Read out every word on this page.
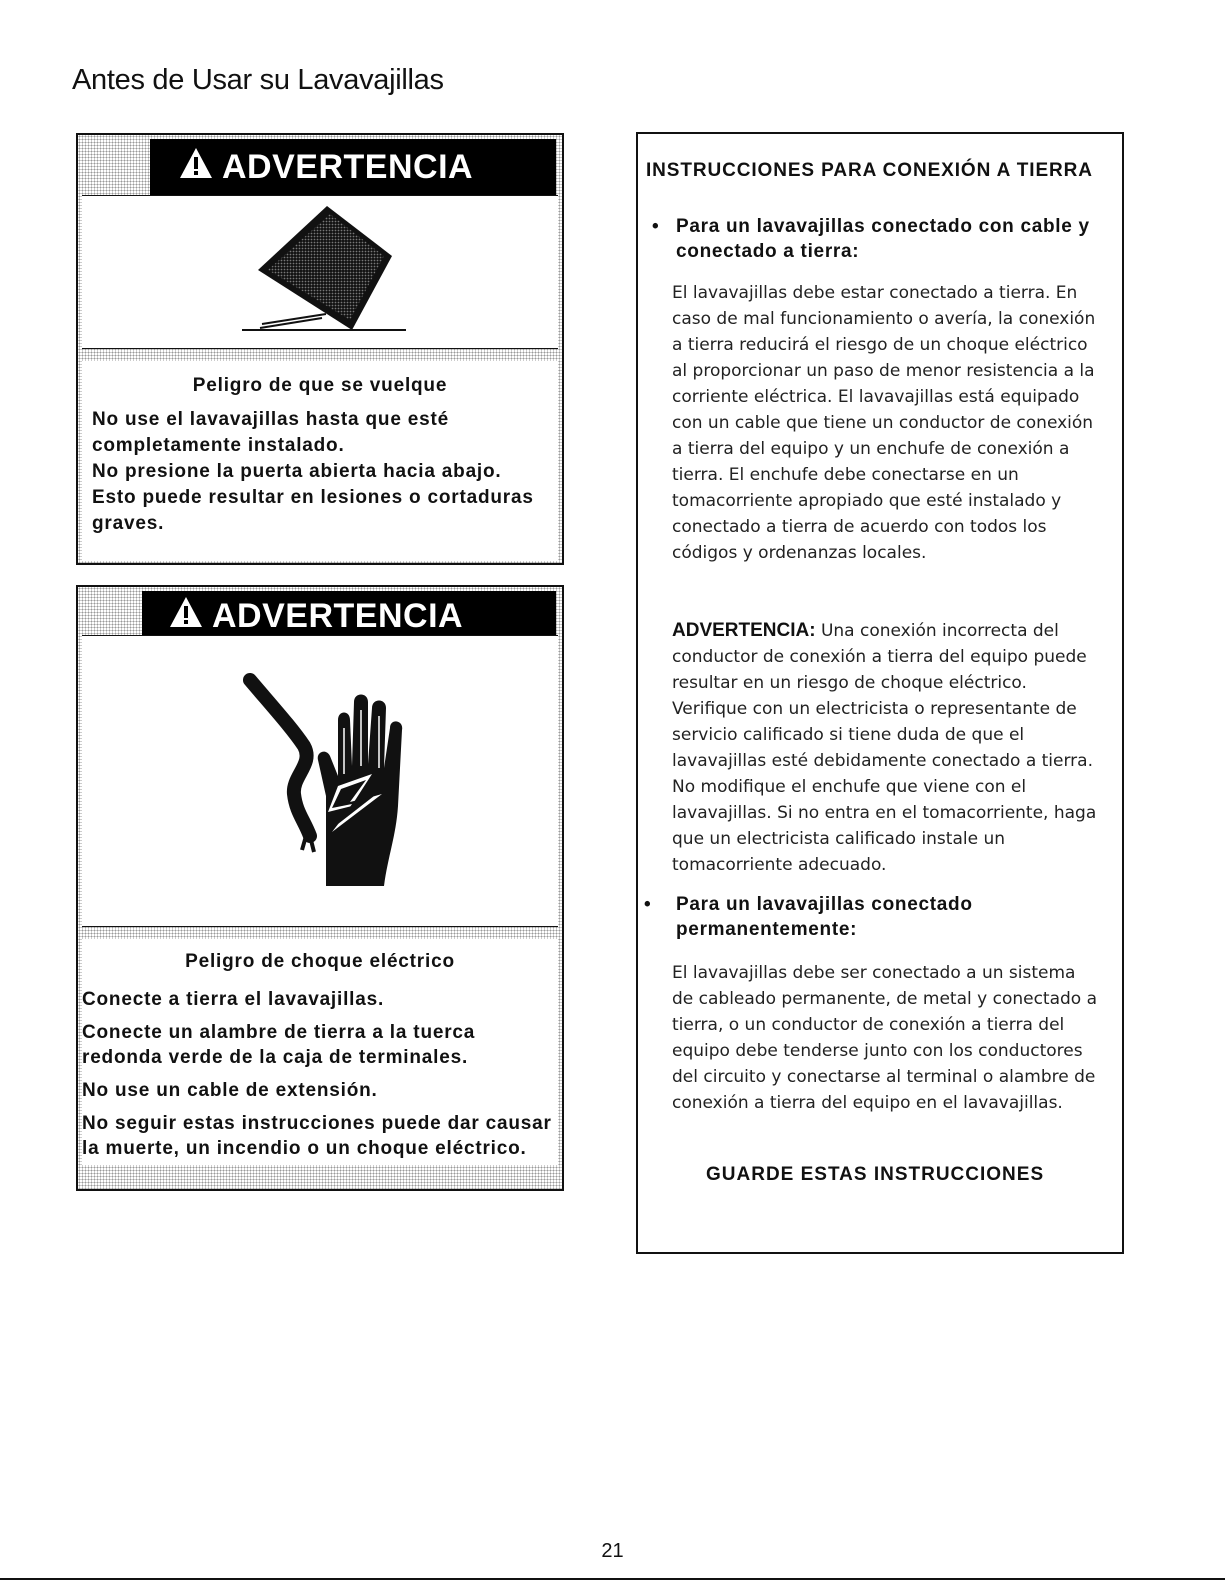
Antes de Usar su Lavavajillas
ADVERTENCIA
Peligro de que se vuelque
No use el lavavajillas hasta que esté completamente instalado.
No presione la puerta abierta hacia abajo.
Esto puede resultar en lesiones o cortaduras graves.
ADVERTENCIA
Peligro de choque eléctrico
Conecte a tierra el lavavajillas.
Conecte un alambre de tierra a la tuerca redonda verde de la caja de terminales.
No use un cable de extensión.
No seguir estas instrucciones puede dar causar la muerte, un incendio o un choque eléctrico.
INSTRUCCIONES PARA CONEXIÓN A TIERRA
• Para un lavavajillas conectado con cable y conectado a tierra:
El lavavajillas debe estar conectado a tierra. En caso de mal funcionamiento o avería, la conexión a tierra reducirá el riesgo de un choque eléctrico al proporcionar un paso de menor resistencia a la corriente eléctrica. El lavavajillas está equipado con un cable que tiene un conductor de conexión a tierra del equipo y un enchufe de conexión a tierra. El enchufe debe conectarse en un tomacorriente apropiado que esté instalado y conectado a tierra de acuerdo con todos los códigos y ordenanzas locales.
ADVERTENCIA: Una conexión incorrecta del conductor de conexión a tierra del equipo puede resultar en un riesgo de choque eléctrico. Verifique con un electricista o representante de servicio calificado si tiene duda de que el lavavajillas esté debidamente conectado a tierra. No modifique el enchufe que viene con el lavavajillas. Si no entra en el tomacorriente, haga que un electricista calificado instale un tomacorriente adecuado.
•	Para un lavavajillas conectado permanentemente:
El lavavajillas debe ser conectado a un sistema de cableado permanente, de metal y conectado a tierra, o un conductor de conexión a tierra del equipo debe tenderse junto con los conductores del circuito y conectarse al terminal o alambre de conexión a tierra del equipo en el lavavajillas.
GUARDE ESTAS INSTRUCCIONES
21
